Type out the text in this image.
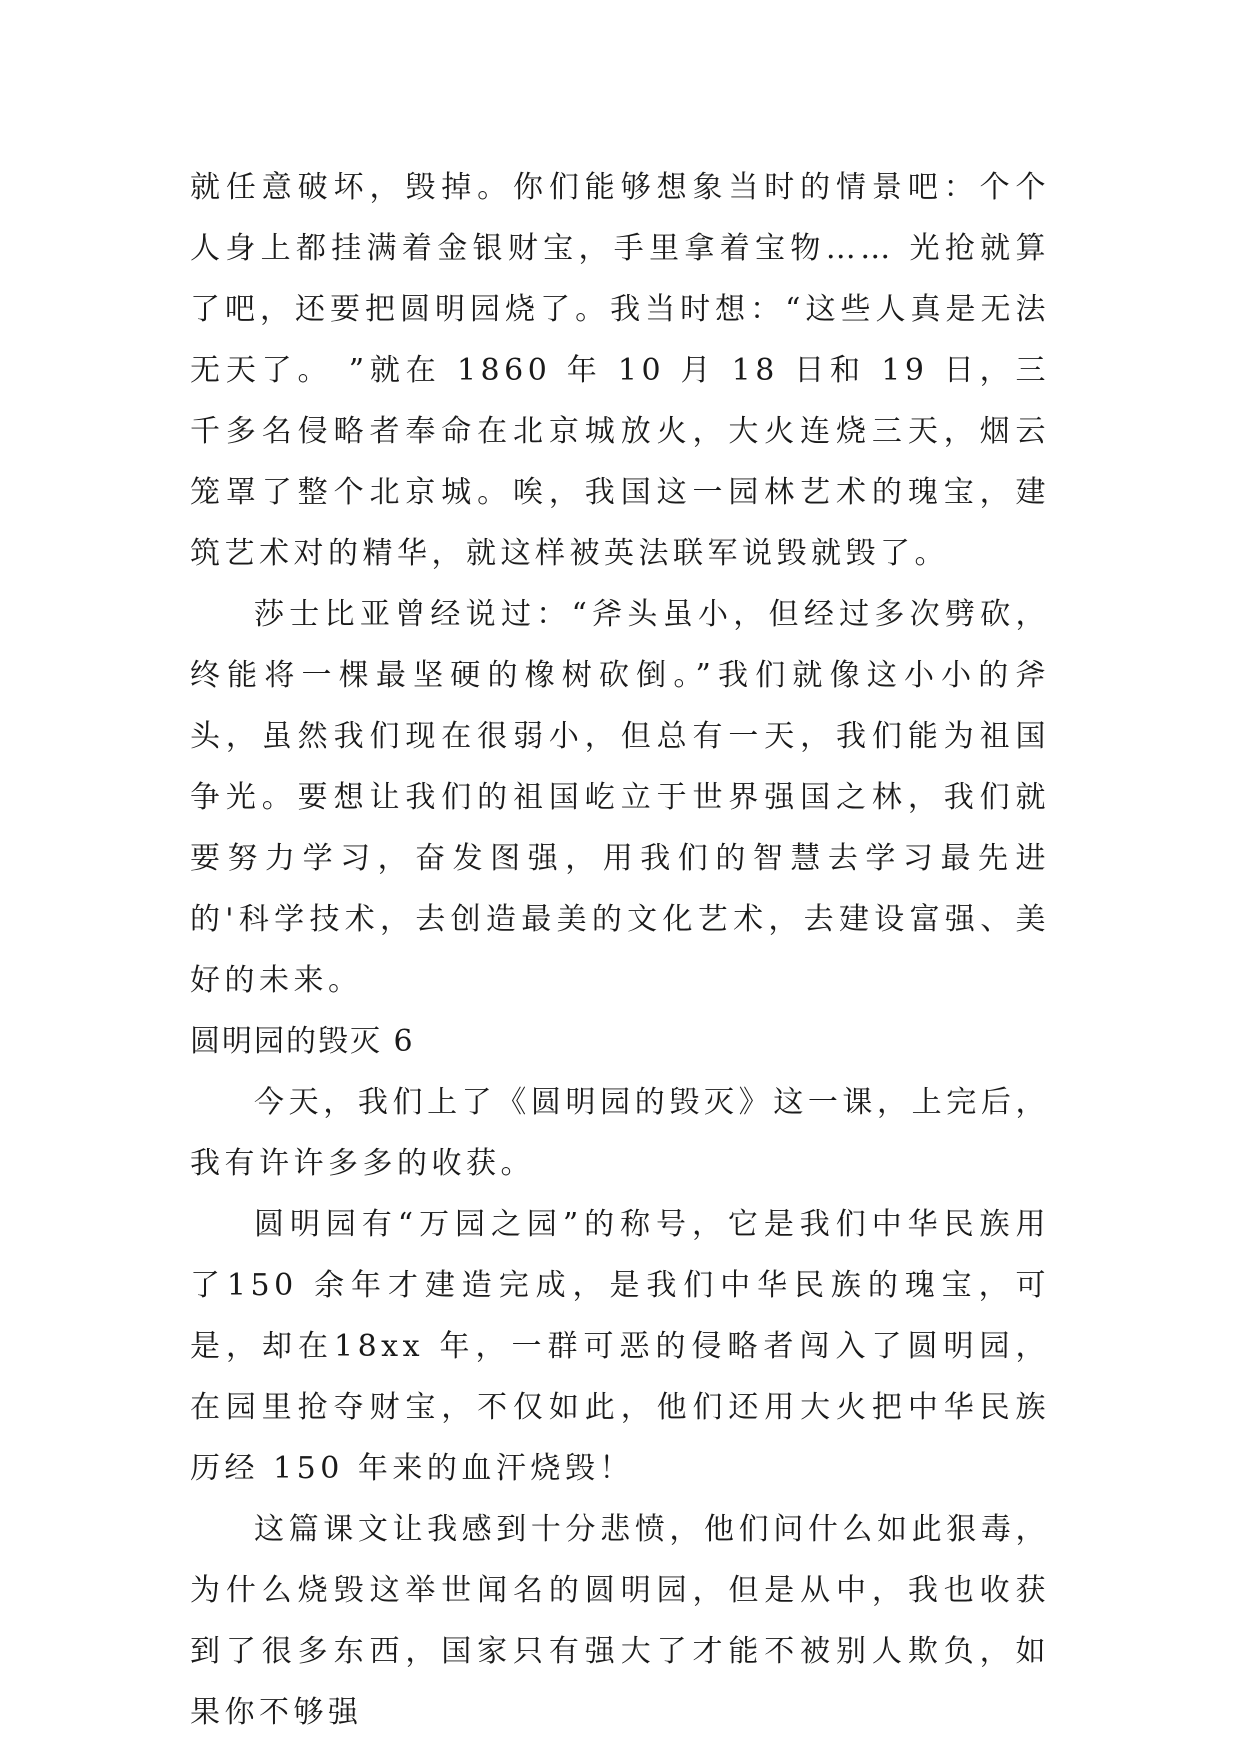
就任意破坏，毁掉。你们能够想象当时的情景吧：个个人身上都挂满着金银财宝，手里拿着宝物…… 光抢就算了吧，还要把圆明园烧了。我当时想：“这些人真是无法无天了。 ”就在 1860 年 10 月 18 日和 19 日，三千多名侵略者奉命在北京城放火，大火连烧三天，烟云笼罩了整个北京城。唉，我国这一园林艺术的瑰宝，建筑艺术对的精华，就这样被英法联军说毁就毁了。

莎士比亚曾经说过：“斧头虽小，但经过多次劈砍，终能将一棵最坚硬的橡树砍倒。”我们就像这小小的斧头，虽然我们现在很弱小，但总有一天，我们能为祖国争光。要想让我们的祖国屹立于世界强国之林，我们就要努力学习，奋发图强，用我们的智慧去学习最先进的'科学技术，去创造最美的文化艺术，去建设富强、美好的未来。

圆明园的毁灭 6

今天，我们上了《圆明园的毁灭》这一课，上完后，我有许许多多的收获。

圆明园有“万园之园”的称号，它是我们中华民族用了150 余年才建造完成，是我们中华民族的瑰宝，可是，却在18xx 年，一群可恶的侵略者闯入了圆明园，在园里抢夺财宝，不仅如此，他们还用大火把中华民族历经 150 年来的血汗烧毁！

这篇课文让我感到十分悲愤，他们问什么如此狠毒，为什么烧毁这举世闻名的圆明园，但是从中，我也收获到了很多东西，国家只有强大了才能不被别人欺负，如果你不够强
